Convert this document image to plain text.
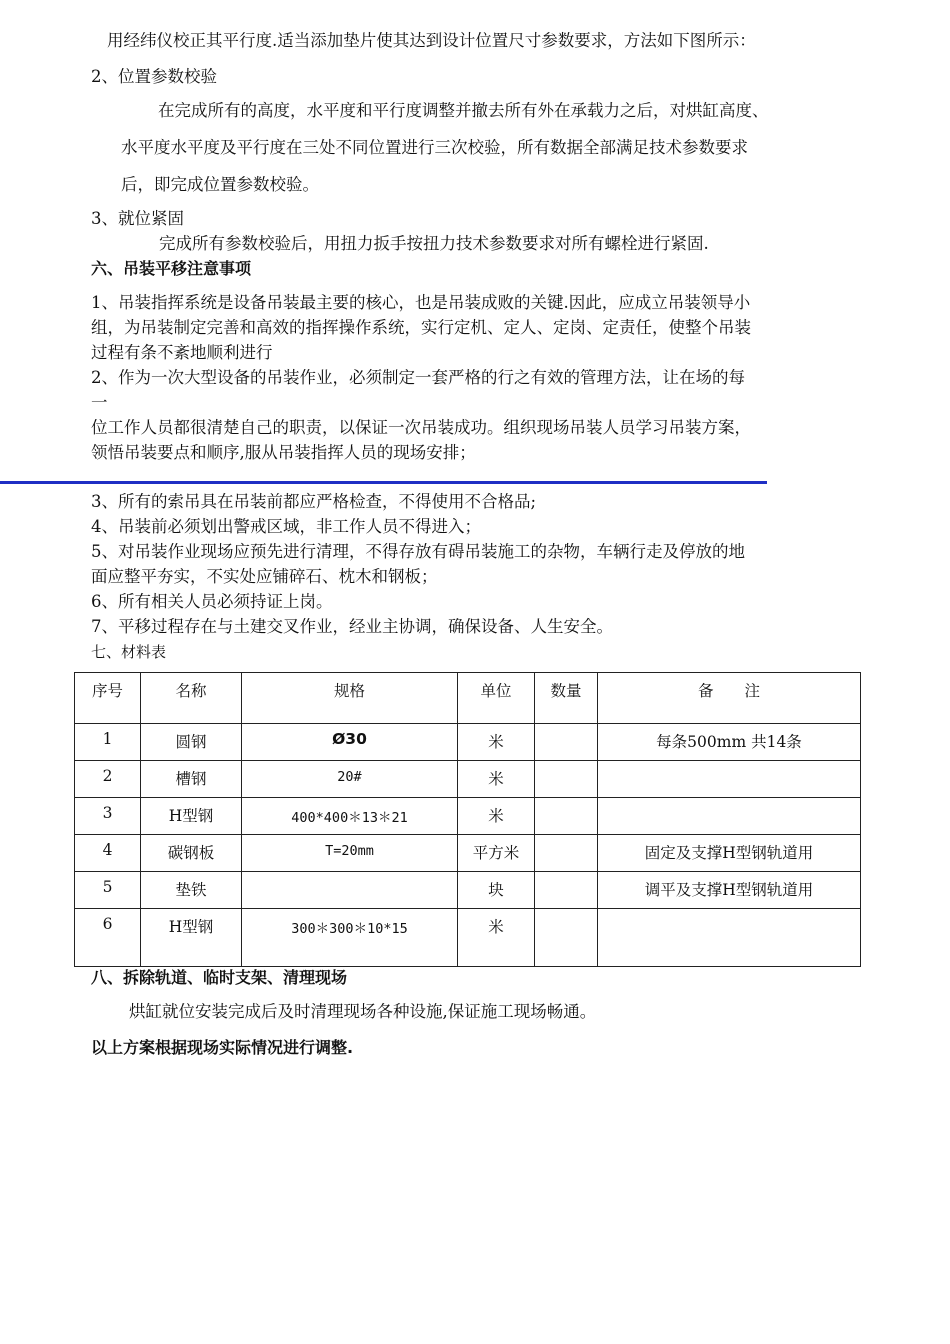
用经纬仪校正其平行度.适当添加垫片使其达到设计位置尺寸参数要求，方法如下图所示：
2、位置参数校验
在完成所有的高度，水平度和平行度调整并撤去所有外在承载力之后，对烘缸高度、
水平度水平度及平行度在三处不同位置进行三次校验，所有数据全部满足技术参数要求
后，即完成位置参数校验。
3、就位紧固
完成所有参数校验后，用扭力扳手按扭力技术参数要求对所有螺栓进行紧固.
六、吊装平移注意事项
1、吊装指挥系统是设备吊装最主要的核心，也是吊装成败的关键.因此，应成立吊装领导小
组，为吊装制定完善和高效的指挥操作系统，实行定机、定人、定岗、定责任，使整个吊装
过程有条不紊地顺利进行
2、作为一次大型设备的吊装作业，必须制定一套严格的行之有效的管理方法，让在场的每
一
位工作人员都很清楚自己的职责，以保证一次吊装成功。组织现场吊装人员学习吊装方案，
领悟吊装要点和顺序,服从吊装指挥人员的现场安排；
3、所有的索吊具在吊装前都应严格检查，不得使用不合格品;
4、吊装前必须划出警戒区域，非工作人员不得进入；
5、对吊装作业现场应预先进行清理，不得存放有碍吊装施工的杂物，车辆行走及停放的地
面应整平夯实，不实处应铺碎石、枕木和钢板；
6、所有相关人员必须持证上岗。
7、平移过程存在与土建交叉作业，经业主协调，确保设备、人生安全。
七、材料表
序号	名称	规格	单位	数量	备　　注
1	圆钢	Ø30	米		每条500mm 共14条
2	槽钢	20#	米		
3	H型钢	400*400＊13＊21	米		
4	碳钢板	T=20mm	平方米		固定及支撑H型钢轨道用
5	垫铁		块		调平及支撑H型钢轨道用
6	H型钢	300＊300＊10*15	米		
八、拆除轨道、临时支架、清理现场
烘缸就位安装完成后及时清理现场各种设施,保证施工现场畅通。
以上方案根据现场实际情况进行调整.
